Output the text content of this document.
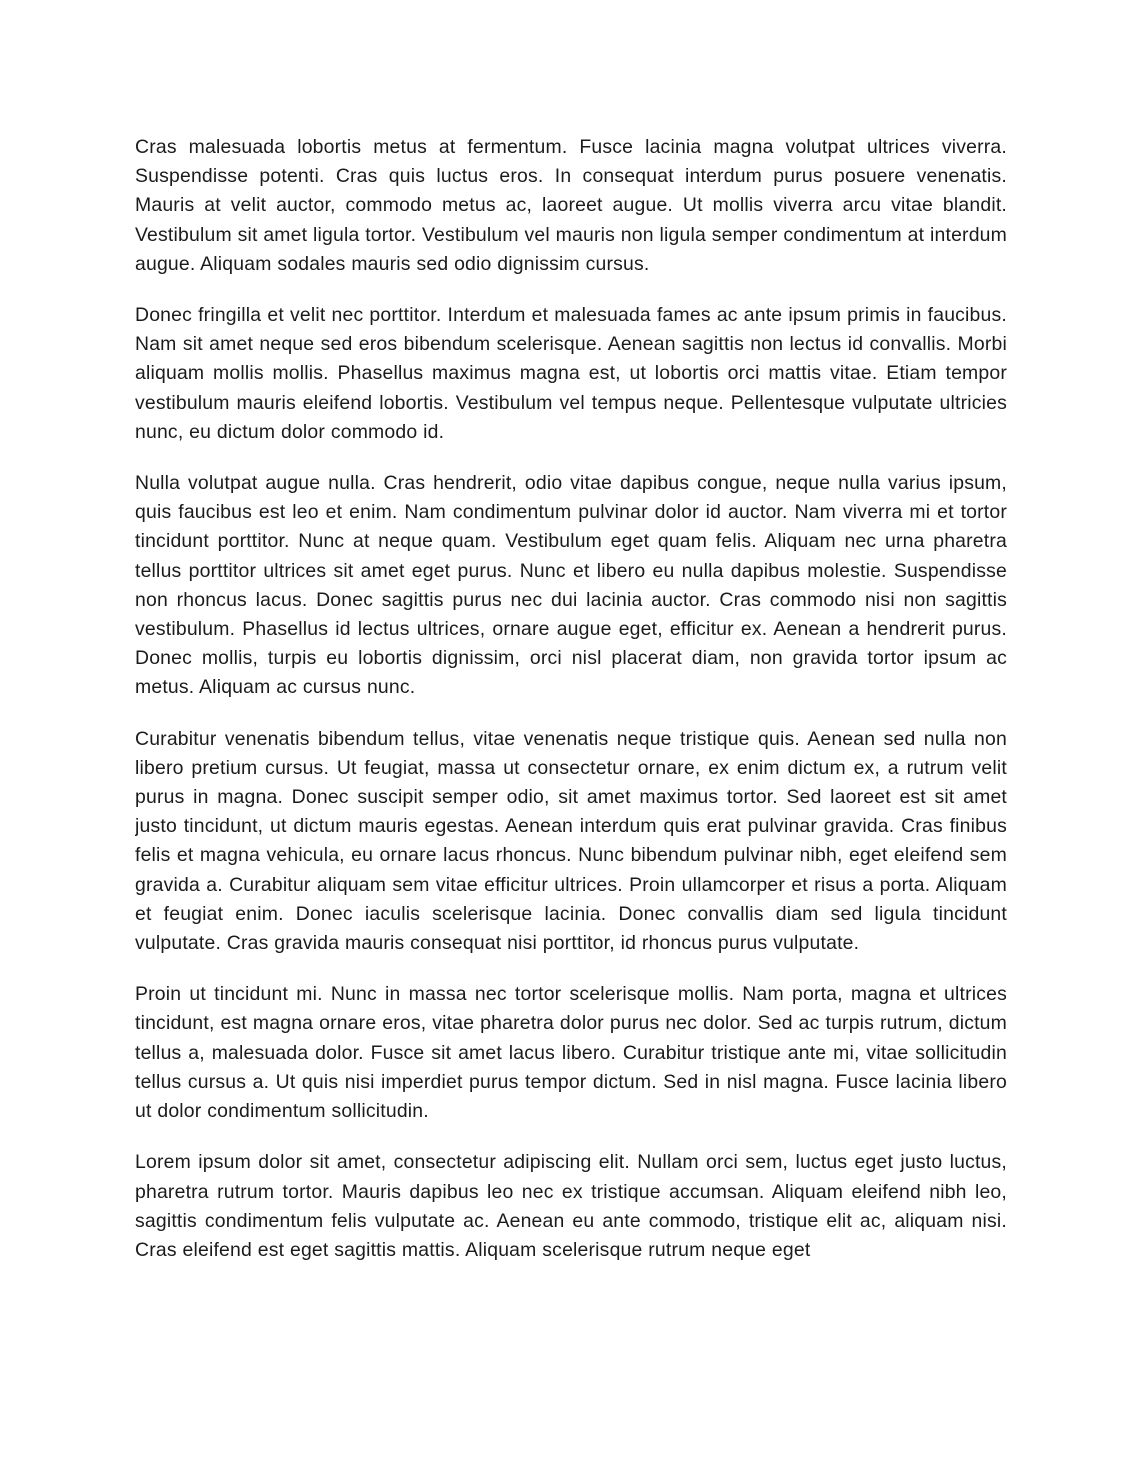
Cras malesuada lobortis metus at fermentum. Fusce lacinia magna volutpat ultrices viverra. Suspendisse potenti. Cras quis luctus eros. In consequat interdum purus posuere venenatis. Mauris at velit auctor, commodo metus ac, laoreet augue. Ut mollis viverra arcu vitae blandit. Vestibulum sit amet ligula tortor. Vestibulum vel mauris non ligula semper condimentum at interdum augue. Aliquam sodales mauris sed odio dignissim cursus.

Donec fringilla et velit nec porttitor. Interdum et malesuada fames ac ante ipsum primis in faucibus. Nam sit amet neque sed eros bibendum scelerisque. Aenean sagittis non lectus id convallis. Morbi aliquam mollis mollis. Phasellus maximus magna est, ut lobortis orci mattis vitae. Etiam tempor vestibulum mauris eleifend lobortis. Vestibulum vel tempus neque. Pellentesque vulputate ultricies nunc, eu dictum dolor commodo id.

Nulla volutpat augue nulla. Cras hendrerit, odio vitae dapibus congue, neque nulla varius ipsum, quis faucibus est leo et enim. Nam condimentum pulvinar dolor id auctor. Nam viverra mi et tortor tincidunt porttitor. Nunc at neque quam. Vestibulum eget quam felis. Aliquam nec urna pharetra tellus porttitor ultrices sit amet eget purus. Nunc et libero eu nulla dapibus molestie. Suspendisse non rhoncus lacus. Donec sagittis purus nec dui lacinia auctor. Cras commodo nisi non sagittis vestibulum. Phasellus id lectus ultrices, ornare augue eget, efficitur ex. Aenean a hendrerit purus. Donec mollis, turpis eu lobortis dignissim, orci nisl placerat diam, non gravida tortor ipsum ac metus. Aliquam ac cursus nunc.

Curabitur venenatis bibendum tellus, vitae venenatis neque tristique quis. Aenean sed nulla non libero pretium cursus. Ut feugiat, massa ut consectetur ornare, ex enim dictum ex, a rutrum velit purus in magna. Donec suscipit semper odio, sit amet maximus tortor. Sed laoreet est sit amet justo tincidunt, ut dictum mauris egestas. Aenean interdum quis erat pulvinar gravida. Cras finibus felis et magna vehicula, eu ornare lacus rhoncus. Nunc bibendum pulvinar nibh, eget eleifend sem gravida a. Curabitur aliquam sem vitae efficitur ultrices. Proin ullamcorper et risus a porta. Aliquam et feugiat enim. Donec iaculis scelerisque lacinia. Donec convallis diam sed ligula tincidunt vulputate. Cras gravida mauris consequat nisi porttitor, id rhoncus purus vulputate.

Proin ut tincidunt mi. Nunc in massa nec tortor scelerisque mollis. Nam porta, magna et ultrices tincidunt, est magna ornare eros, vitae pharetra dolor purus nec dolor. Sed ac turpis rutrum, dictum tellus a, malesuada dolor. Fusce sit amet lacus libero. Curabitur tristique ante mi, vitae sollicitudin tellus cursus a. Ut quis nisi imperdiet purus tempor dictum. Sed in nisl magna. Fusce lacinia libero ut dolor condimentum sollicitudin.

Lorem ipsum dolor sit amet, consectetur adipiscing elit. Nullam orci sem, luctus eget justo luctus, pharetra rutrum tortor. Mauris dapibus leo nec ex tristique accumsan. Aliquam eleifend nibh leo, sagittis condimentum felis vulputate ac. Aenean eu ante commodo, tristique elit ac, aliquam nisi. Cras eleifend est eget sagittis mattis. Aliquam scelerisque rutrum neque eget
